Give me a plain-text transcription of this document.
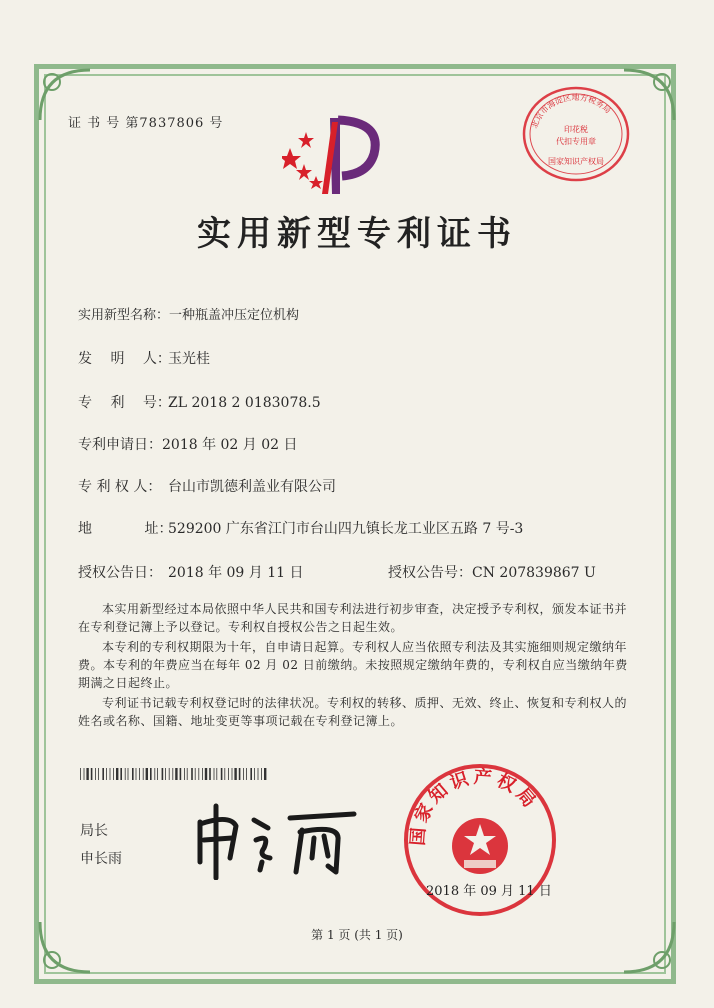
证 书 号 第7837806 号	北京市海淀区地方税务局
印花税
代扣专用章
国家知识产权局
实用新型专利证书
实用新型名称：一种瓶盖冲压定位机构
发 明 人：玉光桂
专 利 号：ZL 2018 2 0183078.5
专利申请日：2018 年 02 月 02 日
专 利 权 人： 台山市凯德利盖业有限公司
地 址：529200 广东省江门市台山四九镇长龙工业区五路 7 号-3
授权公告日： 2018 年 09 月 11 日	授权公告号：CN 207839867 U
本实用新型经过本局依照中华人民共和国专利法进行初步审查，决定授予专利权，颁发本证书并在专利登记簿上予以登记。专利权自授权公告之日起生效。
本专利的专利权期限为十年，自申请日起算。专利权人应当依照专利法及其实施细则规定缴纳年费。本专利的年费应当在每年 02 月 02 日前缴纳。未按照规定缴纳年费的，专利权自应当缴纳年费期满之日起终止。
专利证书记载专利权登记时的法律状况。专利权的转移、质押、无效、终止、恢复和专利权人的姓名或名称、国籍、地址变更等事项记载在专利登记簿上。
局长
申长雨
国家知识产权局
2018 年 09 月 11 日
第 1 页 (共 1 页)
